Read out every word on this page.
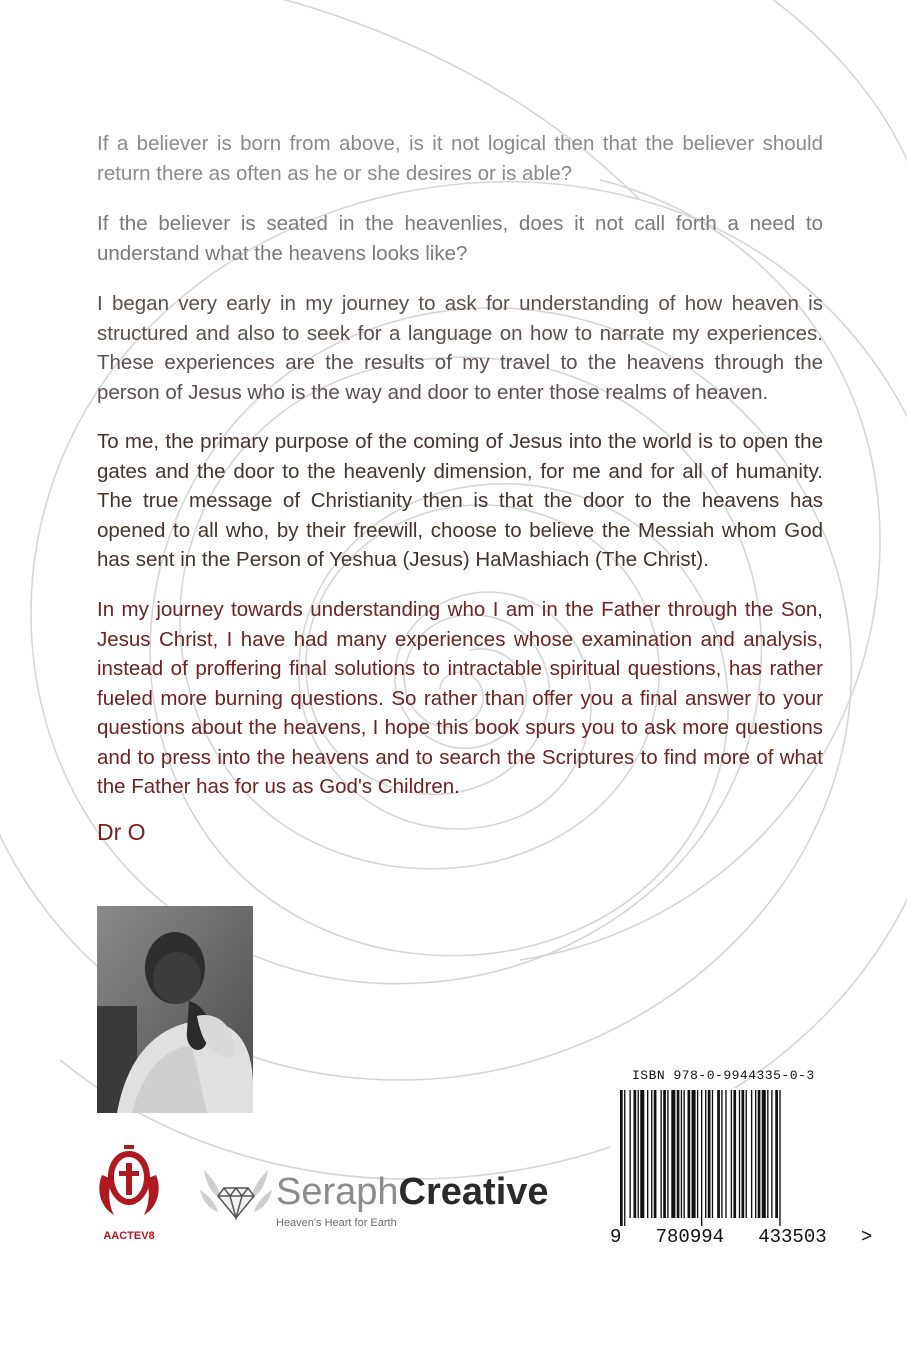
If a believer is born from above, is it not logical then that the believer should return there as often as he or she desires or is able?

If the believer is seated in the heavenlies, does it not call forth a need to understand what the heavens looks like?

I began very early in my journey to ask for understanding of how heaven is structured and also to seek for a language on how to narrate my experiences. These experiences are the results of my travel to the heavens through the person of Jesus who is the way and door to enter those realms of heaven.

To me, the primary purpose of the coming of Jesus into the world is to open the gates and the door to the heavenly dimension, for me and for all of humanity. The true message of Christianity then is that the door to the heavens has opened to all who, by their freewill, choose to believe the Messiah whom God has sent in the Person of Yeshua (Jesus) HaMashiach (The Christ).

In my journey towards understanding who I am in the Father through the Son, Jesus Christ, I have had many experiences whose examination and analysis, instead of proffering final solutions to intractable spiritual questions, has rather fueled more burning questions. So rather than offer you a final answer to your questions about the heavens, I hope this book spurs you to ask more questions and to press into the heavens and to search the Scriptures to find more of what the Father has for us as God's Children.

Dr O
AACTEV8
SeraphCreative
Heaven's Heart for Earth
ISBN 978-0-9944335-0-3
9   780994   433503   >
